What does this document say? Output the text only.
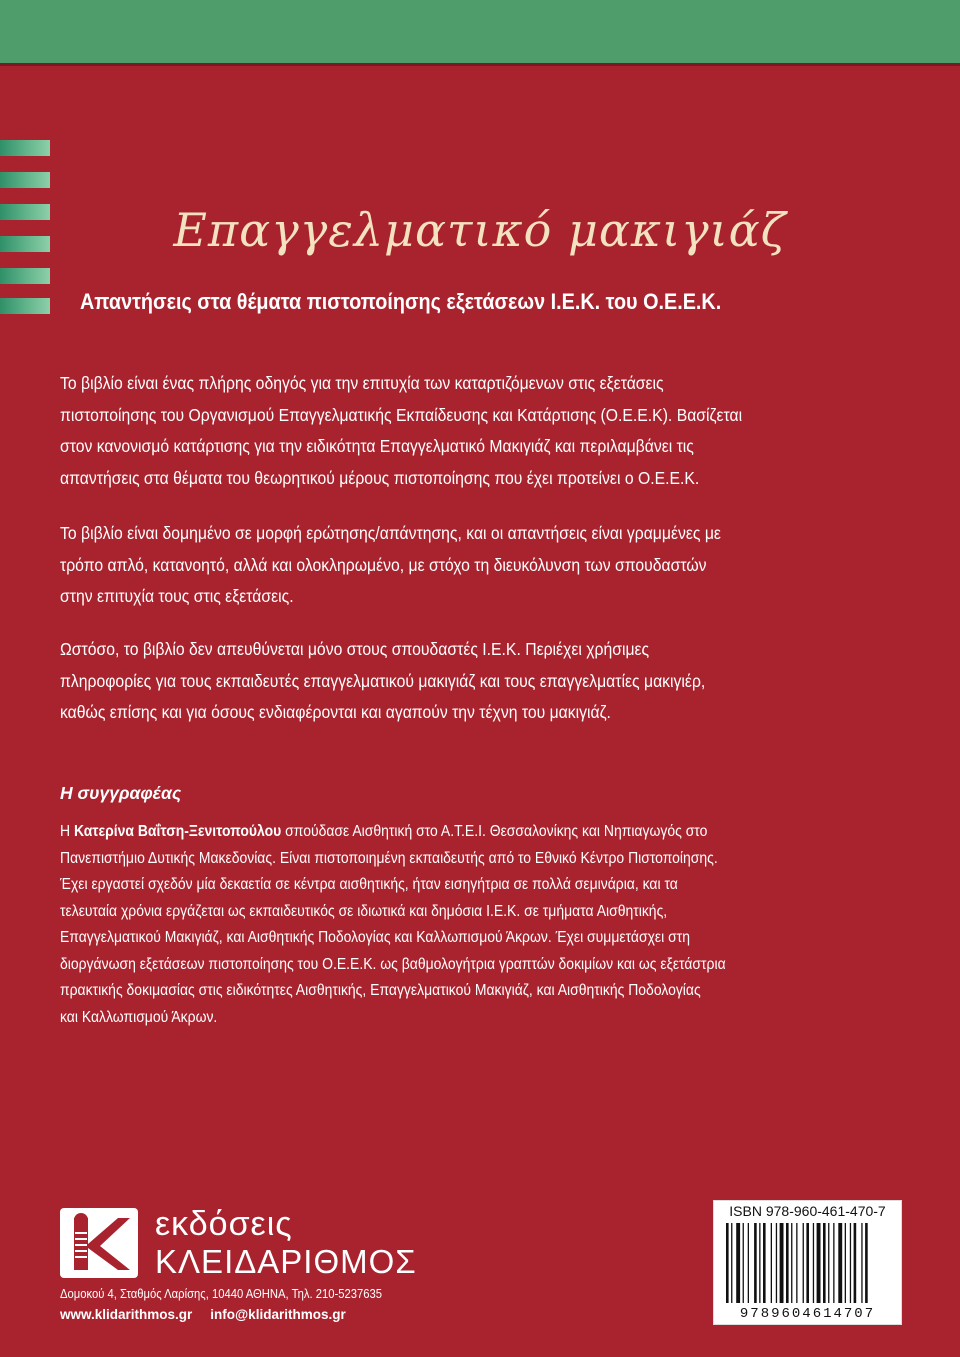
Επαγγελματικό μακιγιάζ
Απαντήσεις στα θέματα πιστοποίησης εξετάσεων Ι.Ε.Κ. του Ο.Ε.Ε.Κ.
Το βιβλίο είναι ένας πλήρης οδηγός για την επιτυχία των καταρτιζόμενων στις εξετάσεις
πιστοποίησης του Οργανισμού Επαγγελματικής Εκπαίδευσης και Κατάρτισης (Ο.Ε.Ε.Κ). Βασίζεται
στον κανονισμό κατάρτισης για την ειδικότητα Επαγγελματικό Μακιγιάζ και περιλαμβάνει τις
απαντήσεις στα θέματα του θεωρητικού μέρους πιστοποίησης που έχει προτείνει ο Ο.Ε.Ε.Κ.
Το βιβλίο είναι δομημένο σε μορφή ερώτησης/απάντησης, και οι απαντήσεις είναι γραμμένες με
τρόπο απλό, κατανοητό, αλλά και ολοκληρωμένο, με στόχο τη διευκόλυνση των σπουδαστών
στην επιτυχία τους στις εξετάσεις.
Ωστόσο, το βιβλίο δεν απευθύνεται μόνο στους σπουδαστές Ι.Ε.Κ. Περιέχει χρήσιμες
πληροφορίες για τους εκπαιδευτές επαγγελματικού μακιγιάζ και τους επαγγελματίες μακιγιέρ,
καθώς επίσης και για όσους ενδιαφέρονται και αγαπούν την τέχνη του μακιγιάζ.
Η συγγραφέας
Η Κατερίνα Βαΐτση-Ξενιτοπούλου σπούδασε Αισθητική στο Α.Τ.Ε.Ι. Θεσσαλονίκης και Νηπιαγωγός στο
Πανεπιστήμιο Δυτικής Μακεδονίας. Είναι πιστοποιημένη εκπαιδευτής από το Εθνικό Κέντρο Πιστοποίησης.
Έχει εργαστεί σχεδόν μία δεκαετία σε κέντρα αισθητικής, ήταν εισηγήτρια σε πολλά σεμινάρια, και τα
τελευταία χρόνια εργάζεται ως εκπαιδευτικός σε ιδιωτικά και δημόσια Ι.Ε.Κ. σε τμήματα Αισθητικής,
Επαγγελματικού Μακιγιάζ, και Αισθητικής Ποδολογίας και Καλλωπισμού Άκρων. Έχει συμμετάσχει στη
διοργάνωση εξετάσεων πιστοποίησης του Ο.Ε.Ε.Κ. ως βαθμολογήτρια γραπτών δοκιμίων και ως εξετάστρια
πρακτικής δοκιμασίας στις ειδικότητες Αισθητικής, Επαγγελματικού Μακιγιάζ, και Αισθητικής Ποδολογίας
και Καλλωπισμού Άκρων.
εκδόσεις
ΚΛΕΙΔΑΡΙΘΜΟΣ
Δομοκού 4, Σταθμός Λαρίσης, 10440 ΑΘΗΝΑ, Τηλ. 210-5237635
www.klidarithmos.gr info@klidarithmos.gr
ISBN 978-960-461-470-7
9789604614707
